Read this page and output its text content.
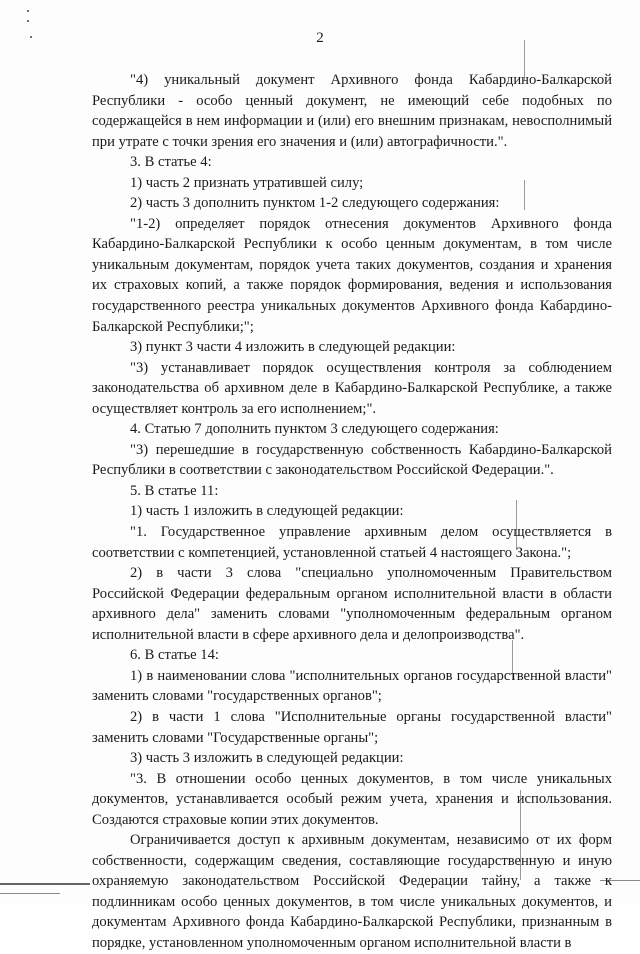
2

"4) уникальный документ Архивного фонда Кабардино-Балкарской Республики - особо ценный документ, не имеющий себе подобных по содержащейся в нем информации и (или) его внешним признакам, невосполнимый при утрате с точки зрения его значения и (или) автографичности.".

3. В статье 4:

1) часть 2 признать утратившей силу;

2) часть 3 дополнить пунктом 1-2 следующего содержания:

"1-2) определяет порядок отнесения документов Архивного фонда Кабардино-Балкарской Республики к особо ценным документам, в том числе уникальным документам, порядок учета таких документов, создания и хранения их страховых копий, а также порядок формирования, ведения и использования государственного реестра уникальных документов Архивного фонда Кабардино-Балкарской Республики;";

3) пункт 3 части 4 изложить в следующей редакции:

"3) устанавливает порядок осуществления контроля за соблюдением законодательства об архивном деле в Кабардино-Балкарской Республике, а также осуществляет контроль за его исполнением;".

4. Статью 7 дополнить пунктом 3 следующего содержания:

"3) перешедшие в государственную собственность Кабардино-Балкарской Республики в соответствии с законодательством Российской Федерации.".

5. В статье 11:

1) часть 1 изложить в следующей редакции:

"1. Государственное управление архивным делом осуществляется в соответствии с компетенцией, установленной статьей 4 настоящего Закона.";

2) в части 3 слова "специально уполномоченным Правительством Российской Федерации федеральным органом исполнительной власти в области архивного дела" заменить словами "уполномоченным федеральным органом исполнительной власти в сфере архивного дела и делопроизводства".

6. В статье 14:

1) в наименовании слова "исполнительных органов государственной власти" заменить словами "государственных органов";

2) в части 1 слова "Исполнительные органы государственной власти" заменить словами "Государственные органы";

3) часть 3 изложить в следующей редакции:

"3. В отношении особо ценных документов, в том числе уникальных документов, устанавливается особый режим учета, хранения и использования. Создаются страховые копии этих документов.

Ограничивается доступ к архивным документам, независимо от их форм собственности, содержащим сведения, составляющие государственную и иную охраняемую законодательством Российской Федерации тайну, а также к подлинникам особо ценных документов, в том числе уникальных документов, и документам Архивного фонда Кабардино-Балкарской Республики, признанным в порядке, установленном уполномоченным органом исполнительной власти в
